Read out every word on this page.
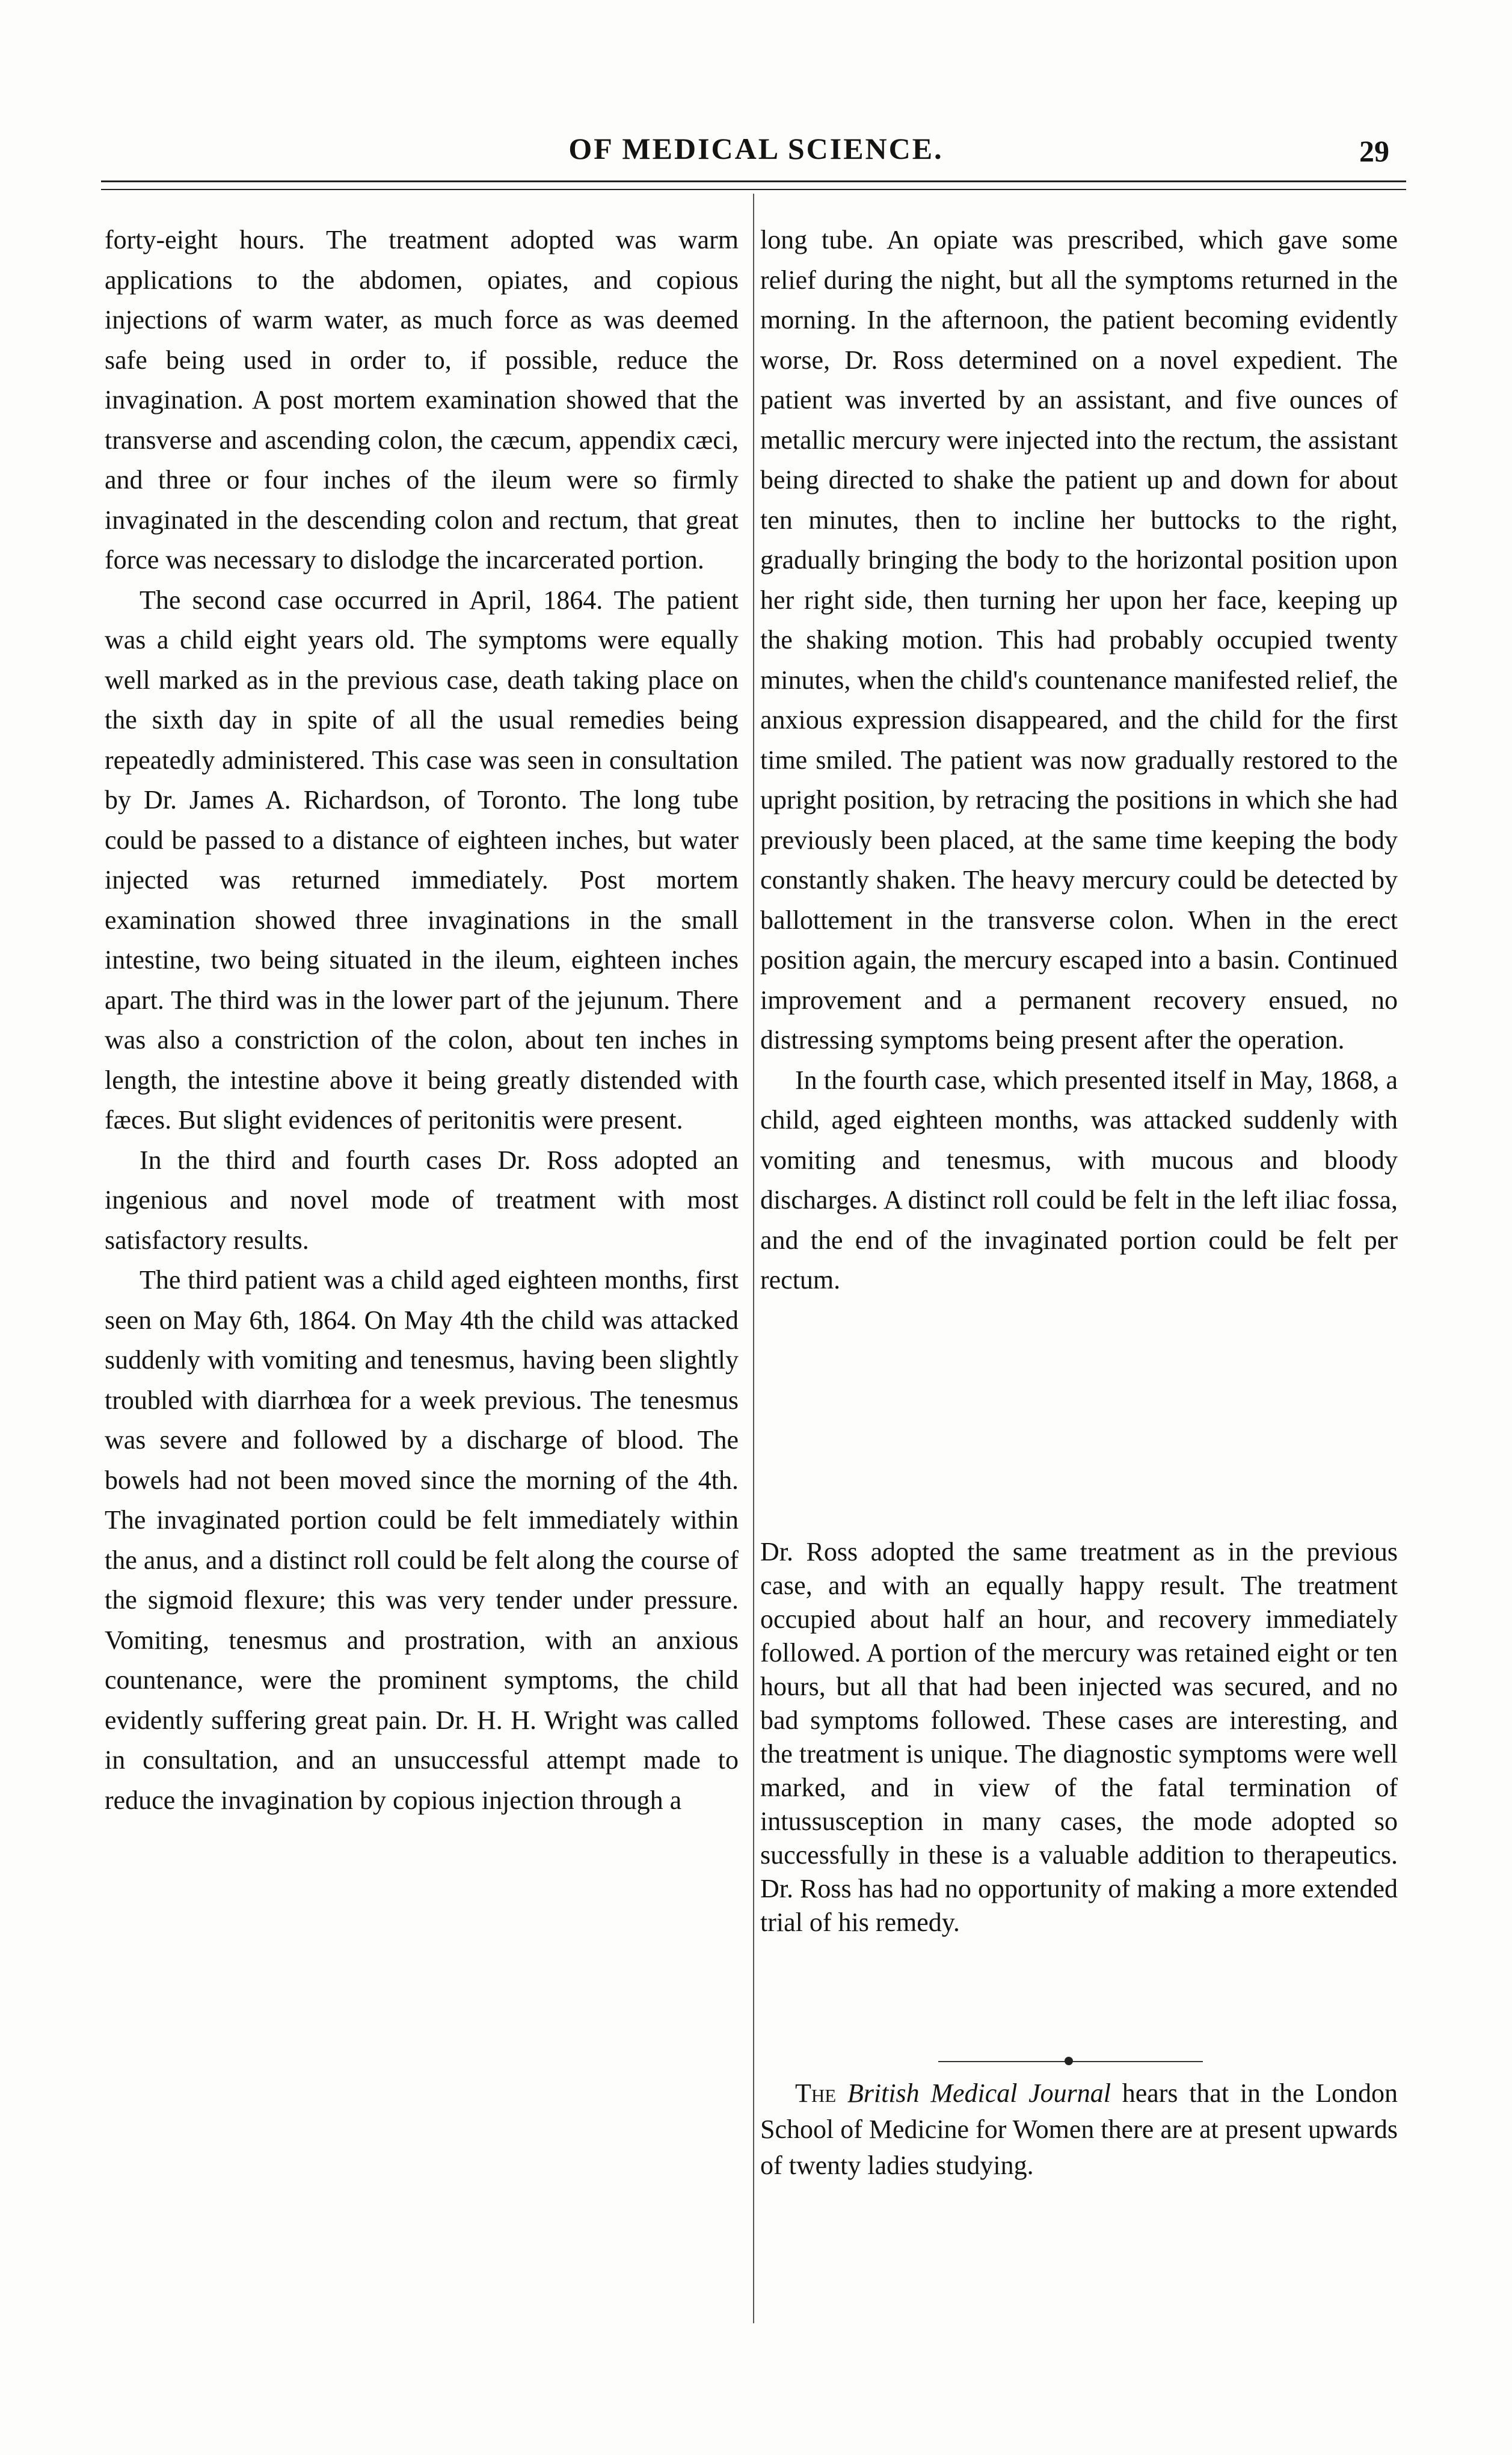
OF MEDICAL SCIENCE.	29

forty-eight hours. The treatment adopted was warm applications to the abdomen, opiates, and copious injections of warm water, as much force as was deemed safe being used in order to, if possible, reduce the invagination. A post mortem examination showed that the transverse and ascending colon, the cæcum, appendix cæci, and three or four inches of the ileum were so firmly invaginated in the descending colon and rectum, that great force was necessary to dislodge the incarcerated portion.

The second case occurred in April, 1864. The patient was a child eight years old. The symptoms were equally well marked as in the previous case, death taking place on the sixth day in spite of all the usual remedies being repeatedly administered. This case was seen in consultation by Dr. James A. Richardson, of Toronto. The long tube could be passed to a distance of eighteen inches, but water injected was returned immediately. Post mortem examination showed three invaginations in the small intestine, two being situated in the ileum, eighteen inches apart. The third was in the lower part of the jejunum. There was also a constriction of the colon, about ten inches in length, the intestine above it being greatly distended with fæces. But slight evidences of peritonitis were present.

In the third and fourth cases Dr. Ross adopted an ingenious and novel mode of treatment with most satisfactory results.

The third patient was a child aged eighteen months, first seen on May 6th, 1864. On May 4th the child was attacked suddenly with vomiting and tenesmus, having been slightly troubled with diarrhœa for a week previous. The tenesmus was severe and followed by a discharge of blood. The bowels had not been moved since the morning of the 4th. The invaginated portion could be felt immediately within the anus, and a distinct roll could be felt along the course of the sigmoid flexure; this was very tender under pressure. Vomiting, tenesmus and prostration, with an anxious countenance, were the prominent symptoms, the child evidently suffering great pain. Dr. H. H. Wright was called in consultation, and an unsuccessful attempt made to reduce the invagination by copious injection through a

long tube. An opiate was prescribed, which gave some relief during the night, but all the symptoms returned in the morning. In the afternoon, the patient becoming evidently worse, Dr. Ross determined on a novel expedient. The patient was inverted by an assistant, and five ounces of metallic mercury were injected into the rectum, the assistant being directed to shake the patient up and down for about ten minutes, then to incline her buttocks to the right, gradually bringing the body to the horizontal position upon her right side, then turning her upon her face, keeping up the shaking motion. This had probably occupied twenty minutes, when the child's countenance manifested relief, the anxious expression disappeared, and the child for the first time smiled. The patient was now gradually restored to the upright position, by retracing the positions in which she had previously been placed, at the same time keeping the body constantly shaken. The heavy mercury could be detected by ballottement in the transverse colon. When in the erect position again, the mercury escaped into a basin. Continued improvement and a permanent recovery ensued, no distressing symptoms being present after the operation.

In the fourth case, which presented itself in May, 1868, a child, aged eighteen months, was attacked suddenly with vomiting and tenesmus, with mucous and bloody discharges. A distinct roll could be felt in the left iliac fossa, and the end of the invaginated portion could be felt per rectum.

Dr. Ross adopted the same treatment as in the previous case, and with an equally happy result. The treatment occupied about half an hour, and recovery immediately followed. A portion of the mercury was retained eight or ten hours, but all that had been injected was secured, and no bad symptoms followed. These cases are interesting, and the treatment is unique. The diagnostic symptoms were well marked, and in view of the fatal termination of intussusception in many cases, the mode adopted so successfully in these is a valuable addition to therapeutics. Dr. Ross has had no opportunity of making a more extended trial of his remedy.

The British Medical Journal hears that in the London School of Medicine for Women there are at present upwards of twenty ladies studying.
